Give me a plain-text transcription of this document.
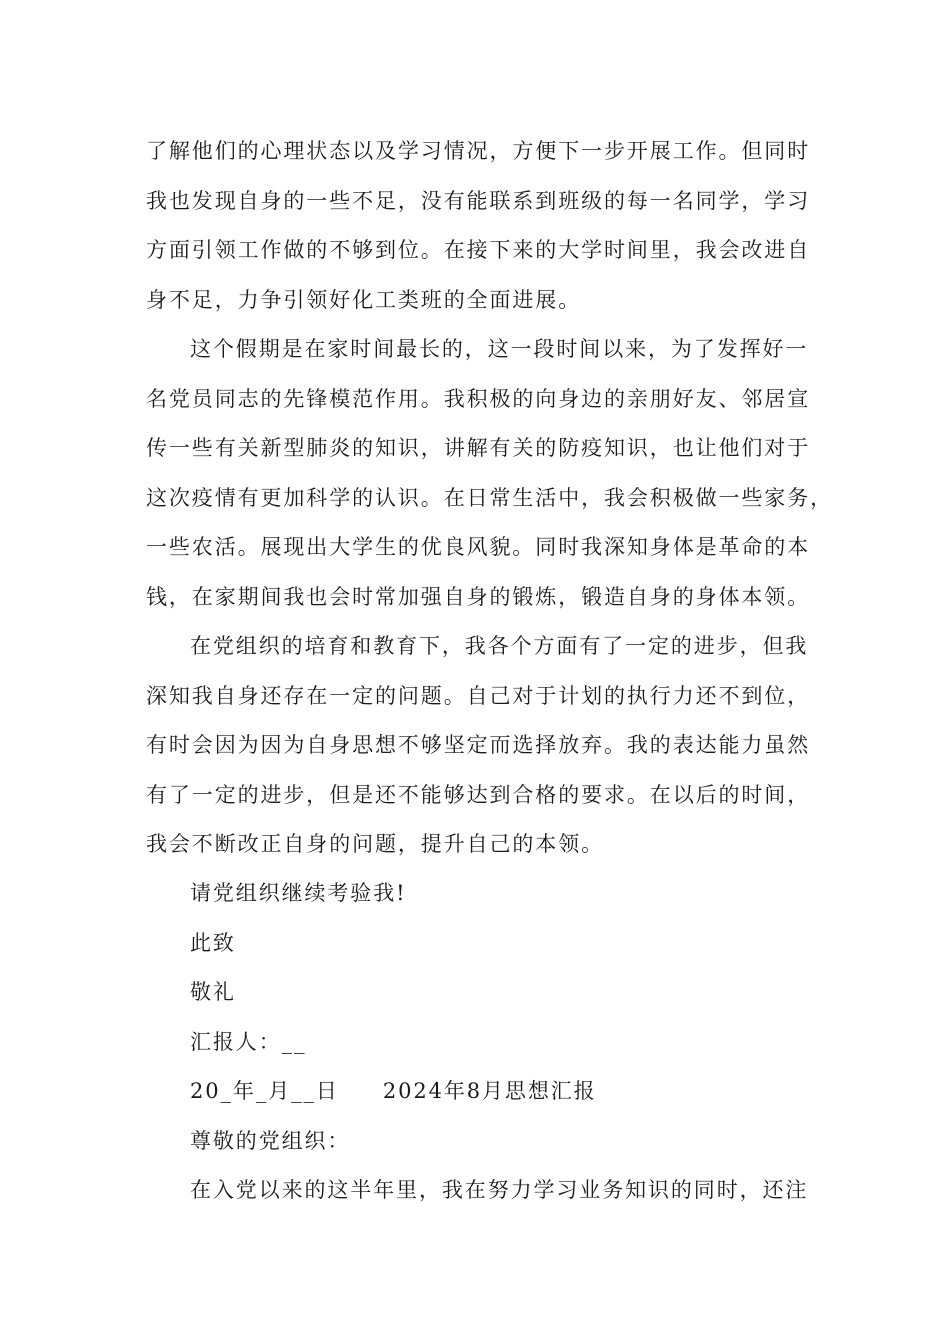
了解他们的心理状态以及学习情况，方便下一步开展工作。但同时
我也发现自身的一些不足，没有能联系到班级的每一名同学，学习
方面引领工作做的不够到位。在接下来的大学时间里，我会改进自
身不足，力争引领好化工类班的全面进展。
这个假期是在家时间最长的，这一段时间以来，为了发挥好一
名党员同志的先锋模范作用。我积极的向身边的亲朋好友、邻居宣
传一些有关新型肺炎的知识，讲解有关的防疫知识，也让他们对于
这次疫情有更加科学的认识。在日常生活中，我会积极做一些家务，
一些农活。展现出大学生的优良风貌。同时我深知身体是革命的本
钱，在家期间我也会时常加强自身的锻炼，锻造自身的身体本领。
在党组织的培育和教育下，我各个方面有了一定的进步，但我
深知我自身还存在一定的问题。自己对于计划的执行力还不到位，
有时会因为因为自身思想不够坚定而选择放弃。我的表达能力虽然
有了一定的进步，但是还不能够达到合格的要求。在以后的时间，
我会不断改正自身的问题，提升自己的本领。
请党组织继续考验我!
此致
敬礼
汇报人：__
20_年_月__日 2024年8月思想汇报
尊敬的党组织：
在入党以来的这半年里，我在努力学习业务知识的同时，还注
